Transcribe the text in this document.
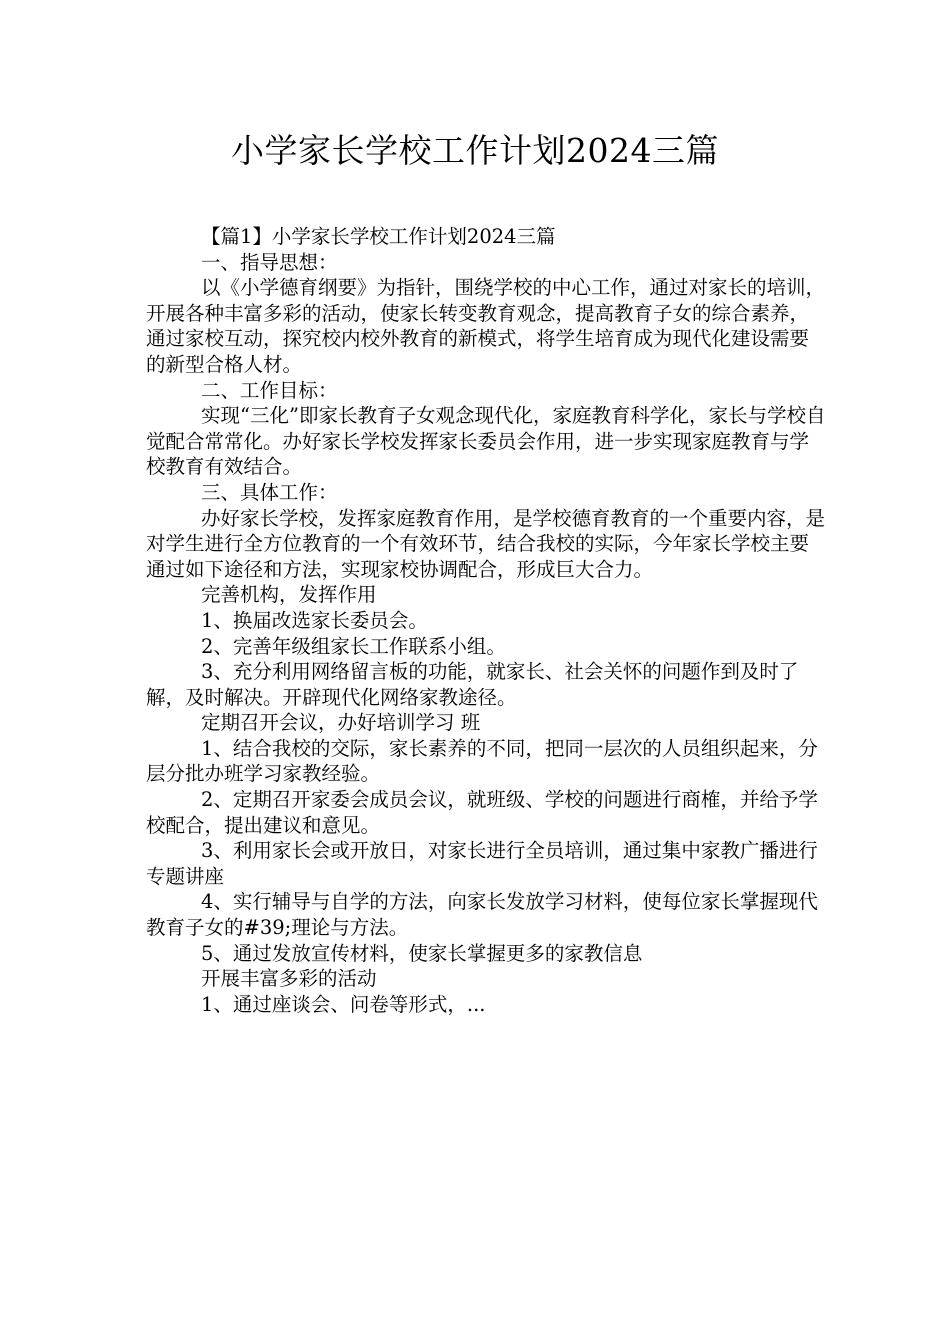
小学家长学校工作计划2024三篇

【篇1】小学家长学校工作计划2024三篇

一、指导思想：

以《小学德育纲要》为指针，围绕学校的中心工作，通过对家长的培训，开展各种丰富多彩的活动，使家长转变教育观念，提高教育子女的综合素养，通过家校互动，探究校内校外教育的新模式，将学生培育成为现代化建设需要的新型合格人材。

二、工作目标：

实现“三化”即家长教育子女观念现代化，家庭教育科学化，家长与学校自觉配合常常化。办好家长学校发挥家长委员会作用，进一步实现家庭教育与学校教育有效结合。

三、具体工作：

办好家长学校，发挥家庭教育作用，是学校德育教育的一个重要内容，是对学生进行全方位教育的一个有效环节，结合我校的实际，今年家长学校主要通过如下途径和方法，实现家校协调配合，形成巨大合力。

完善机构，发挥作用

1、换届改选家长委员会。

2、完善年级组家长工作联系小组。

3、充分利用网络留言板的功能，就家长、社会关怀的问题作到及时了解，及时解决。开辟现代化网络家教途径。

定期召开会议，办好培训学习 班

1、结合我校的交际，家长素养的不同，把同一层次的人员组织起来，分层分批办班学习家教经验。

2、定期召开家委会成员会议，就班级、学校的问题进行商榷，并给予学校配合，提出建议和意见。

3、利用家长会或开放日，对家长进行全员培训，通过集中家教广播进行专题讲座

4、实行辅导与自学的方法，向家长发放学习材料，使每位家长掌握现代教育子女的#39;理论与方法。

5、通过发放宣传材料，使家长掌握更多的家教信息

开展丰富多彩的活动

1、通过座谈会、问卷等形式，...
